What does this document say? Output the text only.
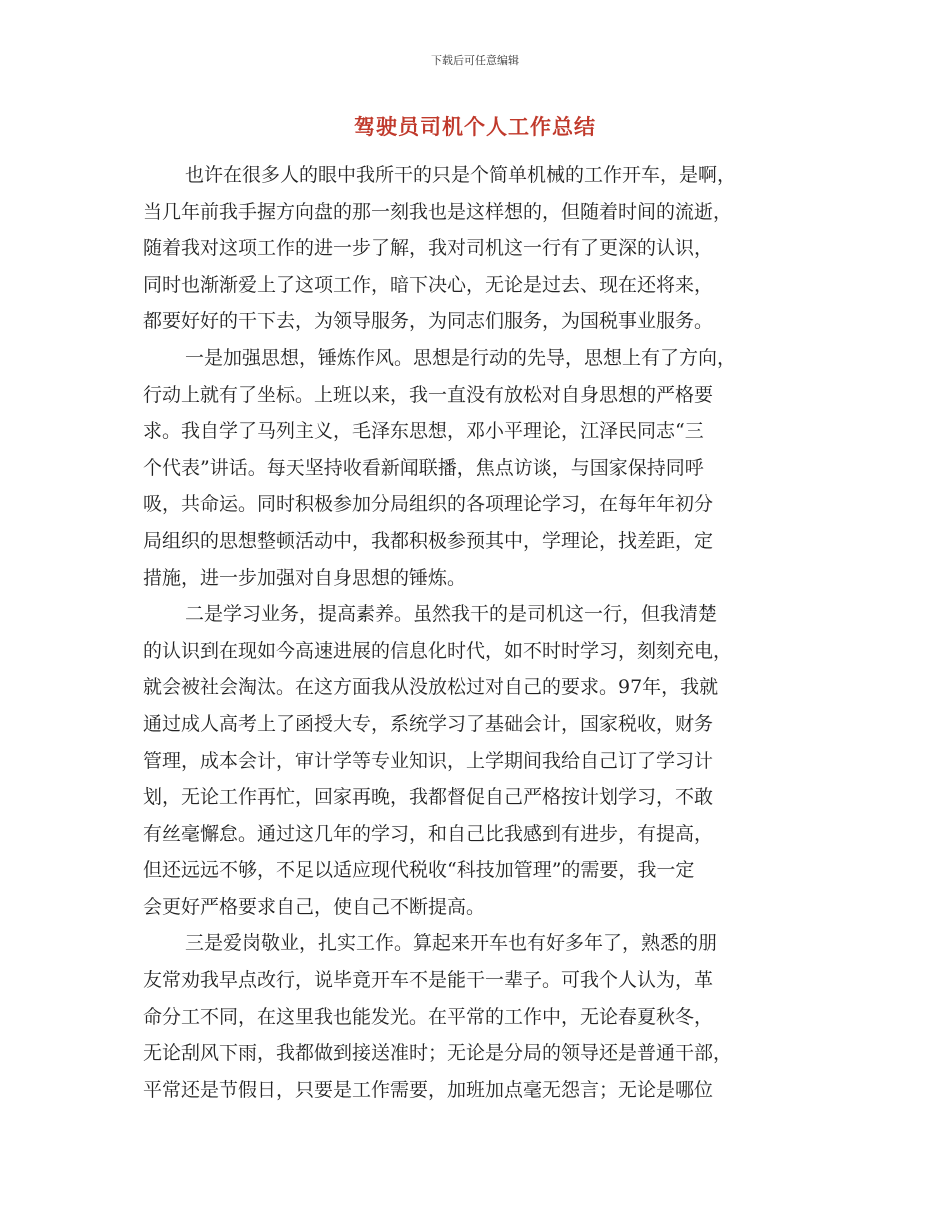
下载后可任意编辑
驾驶员司机个人工作总结
也许在很多人的眼中我所干的只是个简单机械的工作开车，是啊，
当几年前我手握方向盘的那一刻我也是这样想的，但随着时间的流逝，
随着我对这项工作的进一步了解，我对司机这一行有了更深的认识，
同时也渐渐爱上了这项工作，暗下决心，无论是过去、现在还将来，
都要好好的干下去，为领导服务，为同志们服务，为国税事业服务。
一是加强思想，锤炼作风。思想是行动的先导，思想上有了方向，
行动上就有了坐标。上班以来，我一直没有放松对自身思想的严格要
求。我自学了马列主义，毛泽东思想，邓小平理论，江泽民同志“三
个代表”讲话。每天坚持收看新闻联播，焦点访谈，与国家保持同呼
吸，共命运。同时积极参加分局组织的各项理论学习，在每年年初分
局组织的思想整顿活动中，我都积极参预其中，学理论，找差距，定
措施，进一步加强对自身思想的锤炼。
二是学习业务，提高素养。虽然我干的是司机这一行，但我清楚
的认识到在现如今高速进展的信息化时代，如不时时学习，刻刻充电，
就会被社会淘汰。在这方面我从没放松过对自己的要求。97年，我就
通过成人高考上了函授大专，系统学习了基础会计，国家税收，财务
管理，成本会计，审计学等专业知识，上学期间我给自己订了学习计
划，无论工作再忙，回家再晚，我都督促自己严格按计划学习，不敢
有丝毫懈怠。通过这几年的学习，和自己比我感到有进步，有提高，
但还远远不够，不足以适应现代税收“科技加管理”的需要，我一定
会更好严格要求自己，使自己不断提高。
三是爱岗敬业，扎实工作。算起来开车也有好多年了，熟悉的朋
友常劝我早点改行，说毕竟开车不是能干一辈子。可我个人认为，革
命分工不同，在这里我也能发光。在平常的工作中，无论春夏秋冬，
无论刮风下雨，我都做到接送准时；无论是分局的领导还是普通干部，
平常还是节假日，只要是工作需要，加班加点毫无怨言；无论是哪位
